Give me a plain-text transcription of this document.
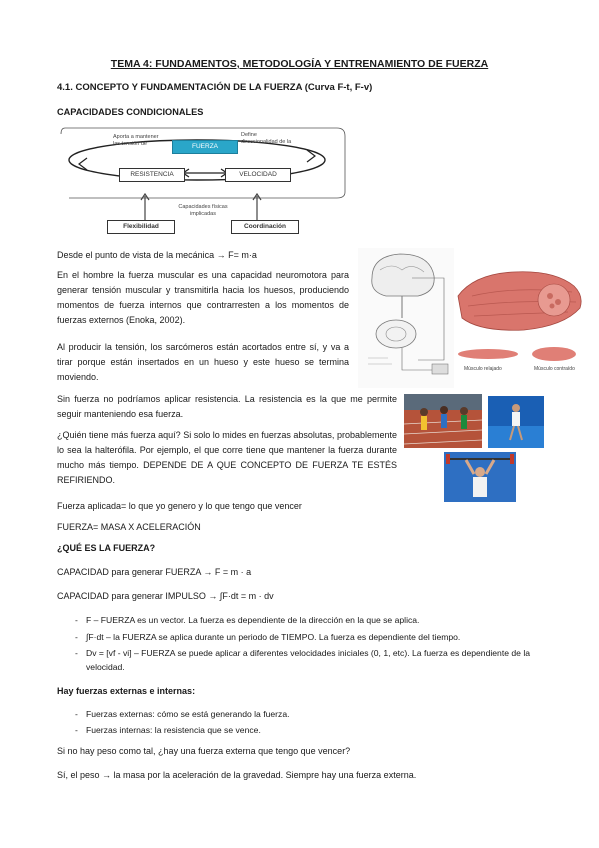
TEMA 4: FUNDAMENTOS, METODOLOGÍA Y ENTRENAMIENTO DE FUERZA
4.1. CONCEPTO Y FUNDAMENTACIÓN DE LA FUERZA (Curva F-t, F-v)
CAPACIDADES CONDICIONALES
FUERZA
RESISTENCIA	VELOCIDAD
Flexibilidad	Coordinación
Aporta a mantener las tensión de
Define direccionalidad de la
Capacidades físicas implicadas
Desde el punto de vista de la mecánica → F= m·a
En el hombre la fuerza muscular es una capacidad neuromotora para generar tensión muscular y transmitirla hacia los huesos, produciendo momentos de fuerza internos que contrarresten a los momentos de fuerzas externos (Enoka, 2002).
Al producir la tensión, los sarcómeros están acortados entre sí, y va a tirar porque están insertados en un hueso y este hueso se termina moviendo.
Sin fuerza no podríamos aplicar resistencia. La resistencia es la que me permite seguir manteniendo esa fuerza.
¿Quién tiene más fuerza aquí? Si solo lo mides en fuerzas absolutas, probablemente lo sea la halterófila. Por ejemplo, el que corre tiene que mantener la fuerza durante mucho más tiempo. DEPENDE DE A QUE CONCEPTO DE FUERZA TE ESTÉS REFIRIENDO.
Fuerza aplicada= lo que yo genero y lo que tengo que vencer
FUERZA= MASA X ACELERACIÓN
¿QUÉ ES LA FUERZA?
CAPACIDAD para generar FUERZA → F = m · a
CAPACIDAD para generar IMPULSO → ∫F·dt = m · dv
- F – FUERZA es un vector. La fuerza es dependiente de la dirección en la que se aplica.
- ∫F·dt – la FUERZA se aplica durante un periodo de TIEMPO. La fuerza es dependiente del tiempo.
- Dv = [vf - vi] – FUERZA se puede aplicar a diferentes velocidades iniciales (0, 1, etc). La fuerza es dependiente de la velocidad.
Hay fuerzas externas e internas:
- Fuerzas externas: cómo se está generando la fuerza.
- Fuerzas internas: la resistencia que se vence.
Si no hay peso como tal, ¿hay una fuerza externa que tengo que vencer?
Sí, el peso → la masa por la aceleración de la gravedad. Siempre hay una fuerza externa.
Músculo relajado	Músculo contraído
